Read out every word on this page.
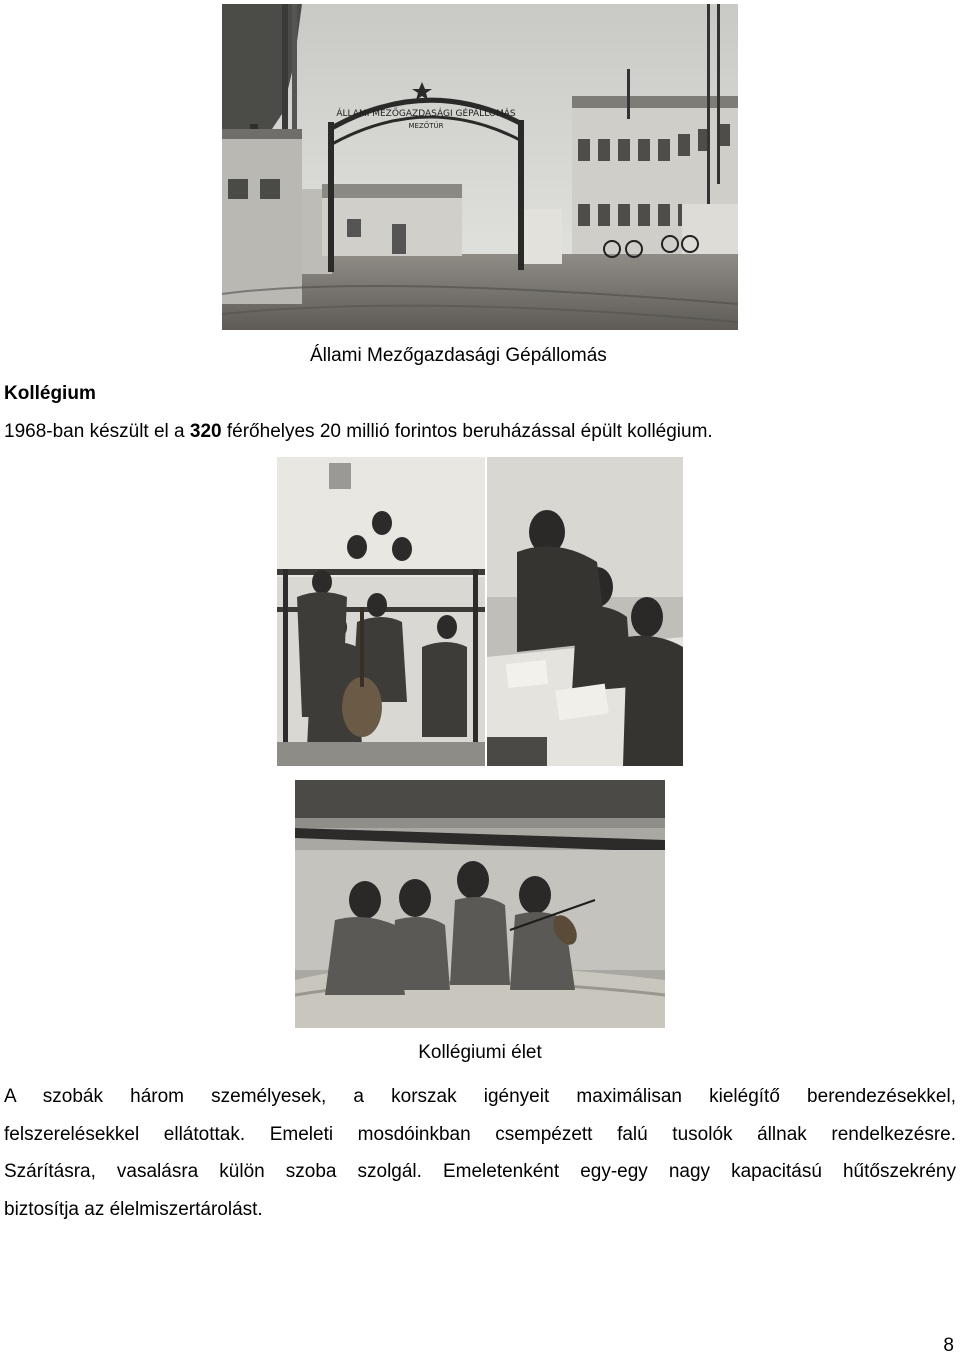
ÁLLAMI MEZŐGAZDASÁGI GÉPÁLLOMÁS
MEZŐTÚR
Állami Mezőgazdasági Gépállomás
Kollégium
1968-ban készült el a 320 férőhelyes 20 millió forintos beruházással épült kollégium.
Kollégiumi élet
A szobák három személyesek, a korszak igényeit maximálisan kielégítő berendezésekkel,
felszerelésekkel ellátottak. Emeleti mosdóinkban csempézett falú tusolók állnak rendelkezésre.
Szárításra, vasalásra külön szoba szolgál. Emeletenként egy-egy nagy kapacitású hűtőszekrény
biztosítja az élelmiszertárolást.
8
